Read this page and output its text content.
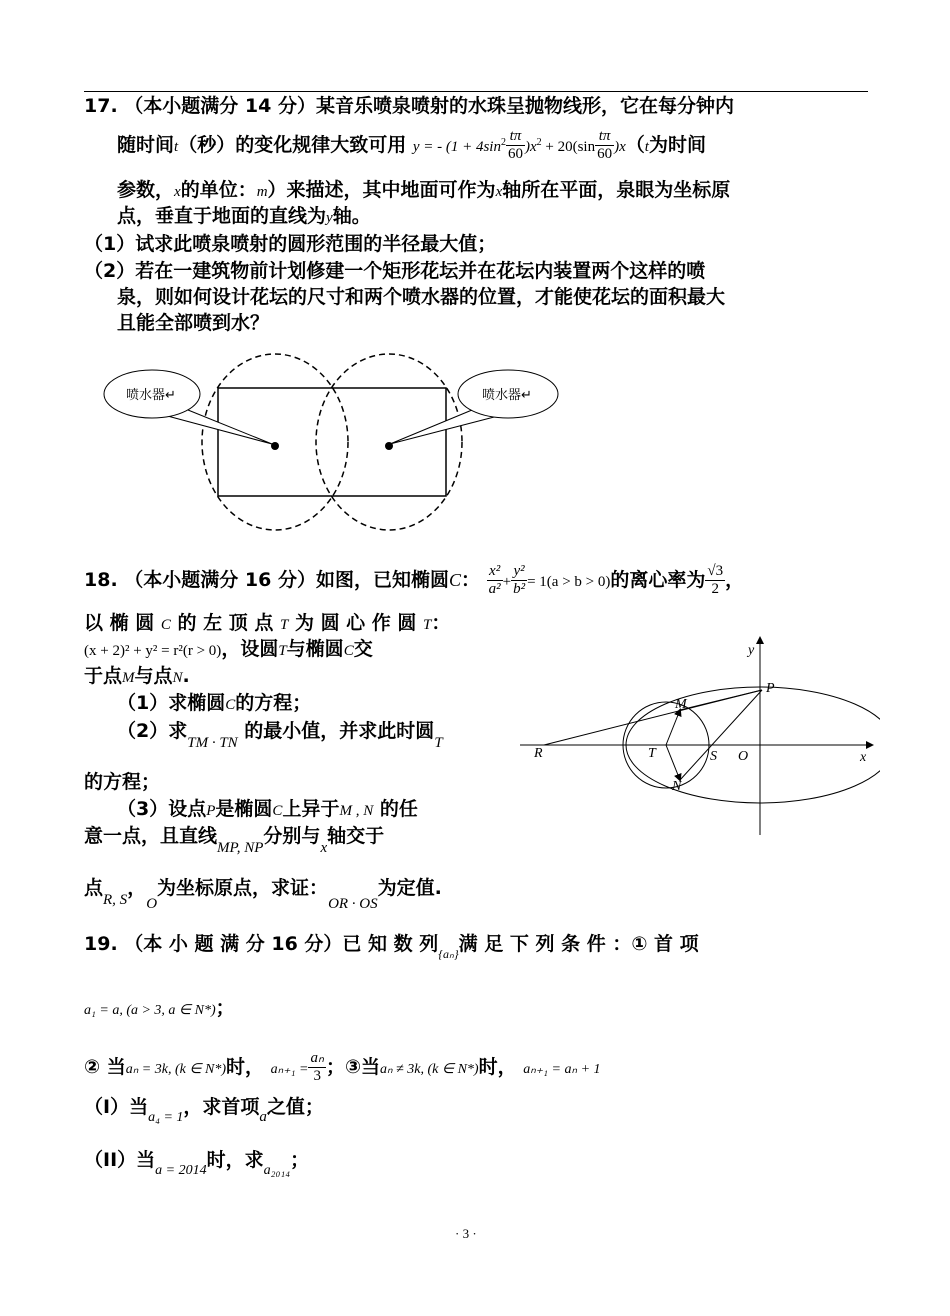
17. （本小题满分 14 分）某音乐喷泉喷射的水珠呈抛物线形，它在每分钟内
随时间t（秒）的变化规律大致可用 y = - $(1 + 4\sin^2 \frac{t\pi}{60} )x^2 + 20(\sin \frac{t\pi}{60} )x(t$为时间
参数，x的单位：m）来描述，其中地面可作为x轴所在平面，泉眼为坐标原
点，垂直于地面的直线为y轴。
（1）试求此喷泉喷射的圆形范围的半径最大值；
（2）若在一建筑物前计划修建一个矩形花坛并在花坛内装置两个这样的喷
泉，则如何设计花坛的尺寸和两个喷水器的位置，才能使花坛的面积最大
且能全部喷到水？
喷水器↵	喷水器↵
18. （本小题满分 16 分）如图，已知椭圆C： $\frac{\text{x²}}{\text{a²}} + \frac{\text{y²}}{\text{b²}} = 1(a > b > 0)$的离心率为 $\frac{√3}{2}$ ，
以 椭 圆 C 的 左 顶 点 T 为 圆 心 作 圆 T：
(x + 2)² + y² = r²(r > 0)，设圆T与椭圆C交
于点M与点N.
（1）求椭圆C的方程；
（2）求$_{TM \cdot TN}$ 的最小值，并求此时圆$_T$
的方程；
（3）设点P是椭圆C上异于M , N 的任
意一点，且直线$_{MP, NP}$分别与$_x$轴交于
点$_{R, S}$，$_O$为坐标原点，求证：$_{OR \cdot OS}$为定值.
y
x
P
M
R	T	S O
N
19. （本 小 题 满 分 16 分）已 知 数 列$_{\{a_n\}}$满 足 下 列 条 件 ：① 首 项
a₁ = a, (a > 3, a ∈ N*)；
② 当aₙ = 3k, (k ∈ N*)时， $a_{n+1} = \frac{\text{aₙ}}{3}$ ；③当aₙ ≠ 3k, (k ∈ N*)时， aₙ₊₁ = aₙ + 1
（I）当$_{a_4 = 1}$，求首项$_a$之值；
（II）当$_{a = 2014}$时，求$_{a_{2014}}$；
· 3 ·
